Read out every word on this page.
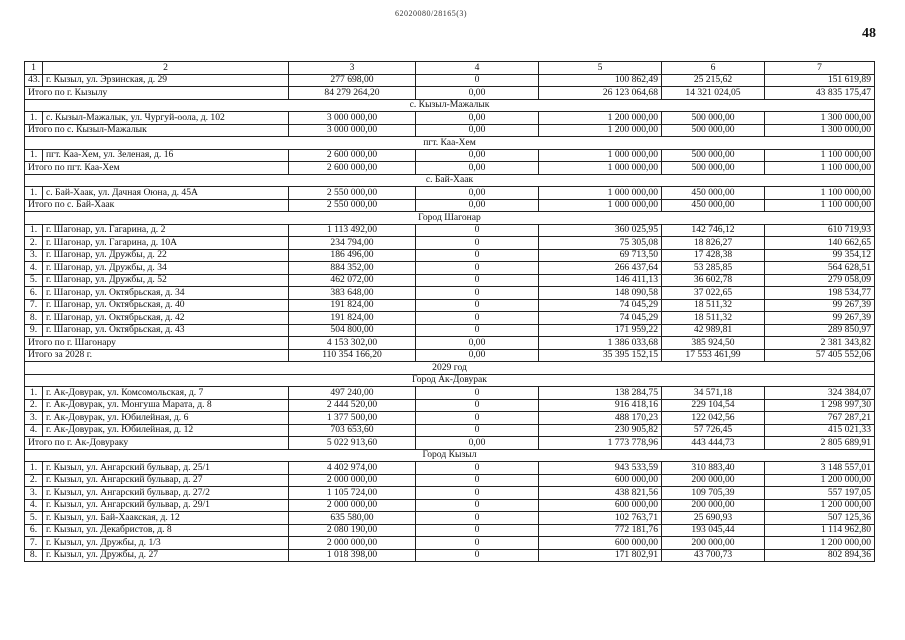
62020080/28165(3)
48
1	2	3	4	5	6	7
43.	г. Кызыл, ул. Эрзинская, д. 29	277 698,00	0	100 862,49	25 215,62	151 619,89
Итого по г. Кызылу		84 279 264,20	0,00	26 123 064,68	14 321 024,05	43 835 175,47
с. Кызыл-Мажалык						
1.	с. Кызыл-Мажалык, ул. Чургуй-оола, д. 102	3 000 000,00	0,00	1 200 000,00	500 000,00	1 300 000,00
Итого по с. Кызыл-Мажалык		3 000 000,00	0,00	1 200 000,00	500 000,00	1 300 000,00
пгт. Каа-Хем						
1.	пгт. Каа-Хем, ул. Зеленая, д. 16	2 600 000,00	0,00	1 000 000,00	500 000,00	1 100 000,00
Итого по пгт. Каа-Хем		2 600 000,00	0,00	1 000 000,00	500 000,00	1 100 000,00
с. Бай-Хаак						
1.	с. Бай-Хаак, ул. Дачная Оюна, д. 45А	2 550 000,00	0,00	1 000 000,00	450 000,00	1 100 000,00
Итого по с. Бай-Хаак		2 550 000,00	0,00	1 000 000,00	450 000,00	1 100 000,00
Город Шагонар						
1.	г. Шагонар, ул. Гагарина, д. 2	1 113 492,00	0	360 025,95	142 746,12	610 719,93
2.	г. Шагонар, ул. Гагарина, д. 10А	234 794,00	0	75 305,08	18 826,27	140 662,65
3.	г. Шагонар, ул. Дружбы, д. 22	186 496,00	0	69 713,50	17 428,38	99 354,12
4.	г. Шагонар, ул. Дружбы, д. 34	884 352,00	0	266 437,64	53 285,85	564 628,51
5.	г. Шагонар, ул. Дружбы, д. 52	462 072,00	0	146 411,13	36 602,78	279 058,09
6.	г. Шагонар, ул. Октябрьская, д. 34	383 648,00	0	148 090,58	37 022,65	198 534,77
7.	г. Шагонар, ул. Октябрьская, д. 40	191 824,00	0	74 045,29	18 511,32	99 267,39
8.	г. Шагонар, ул. Октябрьская, д. 42	191 824,00	0	74 045,29	18 511,32	99 267,39
9.	г. Шагонар, ул. Октябрьская, д. 43	504 800,00	0	171 959,22	42 989,81	289 850,97
Итого по г. Шагонару		4 153 302,00	0,00	1 386 033,68	385 924,50	2 381 343,82
Итого за 2028 г.		110 354 166,20	0,00	35 395 152,15	17 553 461,99	57 405 552,06
2029 год						
Город Ак-Довурак						
1.	г. Ак-Довурак, ул. Комсомольская, д. 7	497 240,00	0	138 284,75	34 571,18	324 384,07
2.	г. Ак-Довурак, ул. Монгуша Марата, д. 8	2 444 520,00	0	916 418,16	229 104,54	1 298 997,30
3.	г. Ак-Довурак, ул. Юбилейная, д. 6	1 377 500,00	0	488 170,23	122 042,56	767 287,21
4.	г. Ак-Довурак, ул. Юбилейная, д. 12	703 653,60	0	230 905,82	57 726,45	415 021,33
Итого по г. Ак-Довураку		5 022 913,60	0,00	1 773 778,96	443 444,73	2 805 689,91
Город Кызыл						
1.	г. Кызыл, ул. Ангарский бульвар, д. 25/1	4 402 974,00	0	943 533,59	310 883,40	3 148 557,01
2.	г. Кызыл, ул. Ангарский бульвар, д. 27	2 000 000,00	0	600 000,00	200 000,00	1 200 000,00
3.	г. Кызыл, ул. Ангарский бульвар, д. 27/2	1 105 724,00	0	438 821,56	109 705,39	557 197,05
4.	г. Кызыл, ул. Ангарский бульвар, д. 29/1	2 000 000,00	0	600 000,00	200 000,00	1 200 000,00
5.	г. Кызыл, ул. Бай-Хаакская, д. 12	635 580,00	0	102 763,71	25 690,93	507 125,36
6.	г. Кызыл, ул. Декабристов, д. 8	2 080 190,00	0	772 181,76	193 045,44	1 114 962,80
7.	г. Кызыл, ул. Дружбы, д. 1/3	2 000 000,00	0	600 000,00	200 000,00	1 200 000,00
8.	г. Кызыл, ул. Дружбы, д. 27	1 018 398,00	0	171 802,91	43 700,73	802 894,36
